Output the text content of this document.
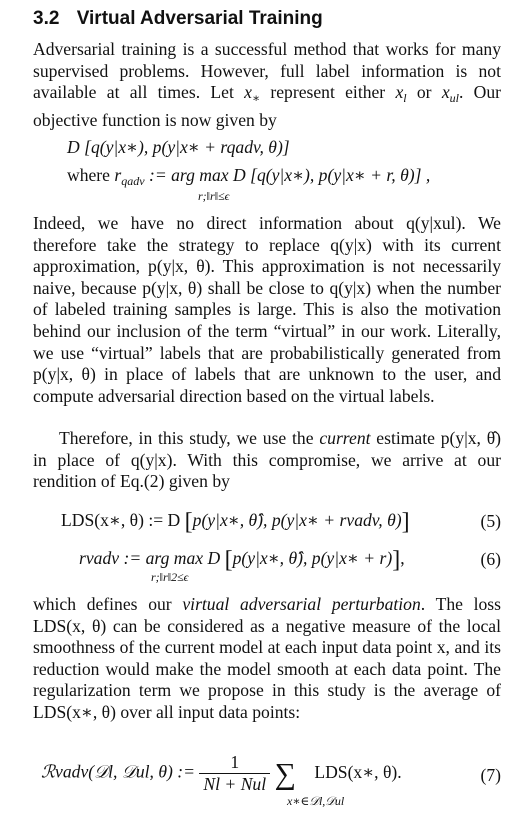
3.2 Virtual Adversarial Training

Adversarial training is a successful method that works for many supervised problems. However, full label information is not available at all times. Let $x_∗$ represent either $x_l$ or $x_{ul}$. Our objective function is now given by

D [q(y|x∗), p(y|x∗ + rqadv, θ)]
where $r_{qadv}$ := arg max D [q(y|x∗), p(y|x∗ + r, θ)] ,
r;‖r‖≤ϵ

Indeed, we have no direct information about q(y|xul). We therefore take the strategy to replace q(y|x) with its current approximation, p(y|x, θ). This approximation is not necessarily naive, because p(y|x, θ) shall be close to q(y|x) when the number of labeled training samples is large. This is also the motivation behind our inclusion of the term “virtual” in our work. Literally, we use “virtual” labels that are probabilistically generated from p(y|x, θ) in place of labels that are unknown to the user, and compute adversarial direction based on the virtual labels.

Therefore, in this study, we use the current estimate p(y|x, θ̂) in place of q(y|x). With this compromise, we arrive at our rendition of Eq.(2) given by

LDS(x∗, θ) := D [p(y|x∗, θ̂), p(y|x∗ + rvadv, θ)]	(5)
rvadv := arg max D [p(y|x∗, θ̂), p(y|x∗ + r)],
r;‖r‖2≤ϵ
(6)

which defines our virtual adversarial perturbation. The loss LDS(x, θ) can be considered as a negative measure of the local smoothness of the current model at each input data point x, and its reduction would make the model smooth at each data point. The regularization term we propose in this study is the average of LDS(x∗, θ) over all input data points:

ℛvadv(𝒟l, 𝒟ul, θ) := $\frac{1}{\text{Nl + Nul}}$ ∑ LDS(x∗, θ).
x∗∈𝒟l,𝒟ul
(7)
